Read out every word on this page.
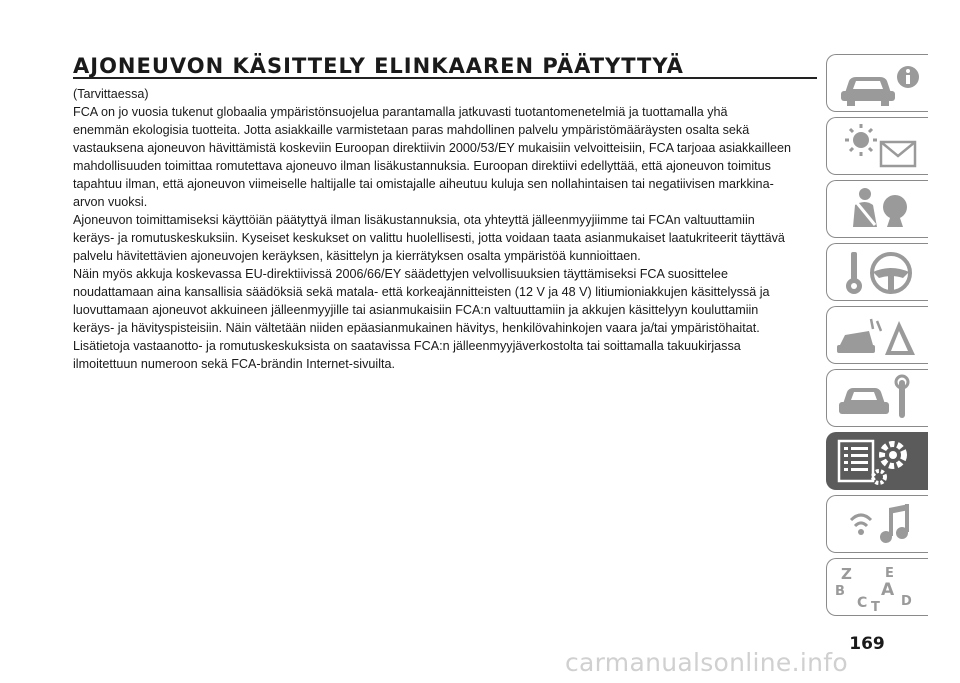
AJONEUVON KÄSITTELY ELINKAAREN PÄÄTYTTYÄ

(Tarvittaessa)

FCA on jo vuosia tukenut globaalia ympäristönsuojelua parantamalla jatkuvasti tuotantomenetelmiä ja tuottamalla yhä

enemmän ekologisia tuotteita. Jotta asiakkaille varmistetaan paras mahdollinen palvelu ympäristömääräysten osalta sekä

vastauksena ajoneuvon hävittämistä koskeviin Euroopan direktiivin 2000/53/EY mukaisiin velvoitteisiin, FCA tarjoaa asiakkailleen

mahdollisuuden toimittaa romutettava ajoneuvo ilman lisäkustannuksia. Euroopan direktiivi edellyttää, että ajoneuvon toimitus

tapahtuu ilman, että ajoneuvon viimeiselle haltijalle tai omistajalle aiheutuu kuluja sen nollahintaisen tai negatiivisen markkina-

arvon vuoksi.

Ajoneuvon toimittamiseksi käyttöiän päätyttyä ilman lisäkustannuksia, ota yhteyttä jälleenmyyjiimme tai FCAn valtuuttamiin

keräys- ja romutuskeskuksiin. Kyseiset keskukset on valittu huolellisesti, jotta voidaan taata asianmukaiset laatukriteerit täyttävä

palvelu hävitettävien ajoneuvojen keräyksen, käsittelyn ja kierrätyksen osalta ympäristöä kunnioittaen.

Näin myös akkuja koskevassa EU-direktiivissä 2006/66/EY säädettyjen velvollisuuksien täyttämiseksi FCA suosittelee

noudattamaan aina kansallisia säädöksiä sekä matala- että korkeajännitteisten (12 V ja 48 V) litiumioniakkujen käsittelyssä ja

luovuttamaan ajoneuvot akkuineen jälleenmyyjille tai asianmukaisiin FCA:n valtuuttamiin ja akkujen käsittelyyn kouluttamiin

keräys- ja hävityspisteisiin. Näin vältetään niiden epäasianmukainen hävitys, henkilövahinkojen vaara ja/tai ympäristöhaitat.

Lisätietoja vastaanotto- ja romutuskeskuksista on saatavissa FCA:n jälleenmyyjäverkostolta tai soittamalla takuukirjassa

ilmoitettuun numeroon sekä FCA-brändin Internet-sivuilta.

Z	E
A
B
C	D
T
169
carmanualsonline.info
